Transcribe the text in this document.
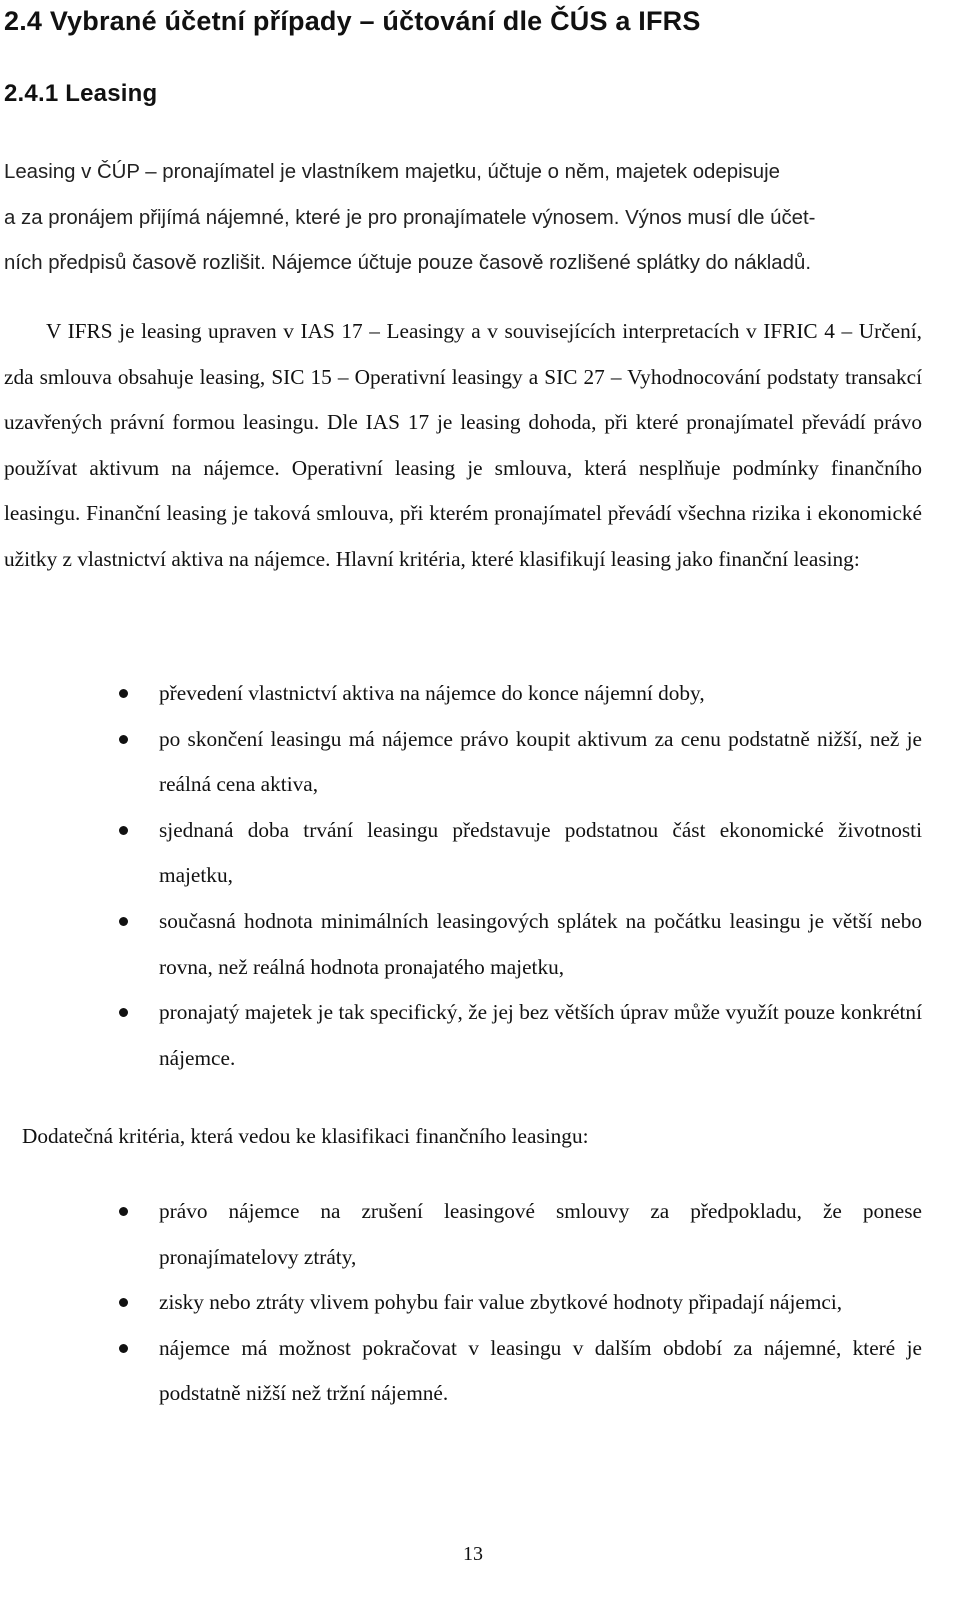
2.4 Vybrané účetní případy – účtování dle ČÚS a IFRS
2.4.1 Leasing

Leasing v ČÚP – pronajímatel je vlastníkem majetku, účtuje o něm, majetek odepisuje
a za pronájem přijímá nájemné, které je pro pronajímatele výnosem. Výnos musí dle účet-
ních předpisů časově rozlišit. Nájemce účtuje pouze časově rozlišené splátky do nákladů.

V IFRS je leasing upraven v IAS 17 – Leasingy a v souvisejících interpretacích v IFRIC 4 – Určení, zda smlouva obsahuje leasing, SIC 15 – Operativní leasingy a SIC 27 – Vyhodnocování podstaty transakcí uzavřených právní formou leasingu. Dle IAS 17 je leasing dohoda, při které pronajímatel převádí právo používat aktivum na nájemce. Operativní leasing je smlouva, která nesplňuje podmínky finančního leasingu. Finanční leasing je taková smlouva, při kterém pronajímatel převádí všechna rizika i ekonomické užitky z vlastnictví aktiva na nájemce. Hlavní kritéria, které klasifikují leasing jako finanční leasing:

převedení vlastnictví aktiva na nájemce do konce nájemní doby,
po skončení leasingu má nájemce právo koupit aktivum za cenu podstatně nižší, než je reálná cena aktiva,
sjednaná doba trvání leasingu představuje podstatnou část ekonomické životnosti majetku,
současná hodnota minimálních leasingových splátek na počátku leasingu je větší nebo rovna, než reálná hodnota pronajatého majetku,
pronajatý majetek je tak specifický, že jej bez větších úprav může využít pouze konkrétní nájemce.

Dodatečná kritéria, která vedou ke klasifikaci finančního leasingu:

právo nájemce na zrušení leasingové smlouvy za předpokladu, že ponese pronajímatelovy ztráty,
zisky nebo ztráty vlivem pohybu fair value zbytkové hodnoty připadají nájemci,
nájemce má možnost pokračovat v leasingu v dalším období za nájemné, které je podstatně nižší než tržní nájemné.
13
